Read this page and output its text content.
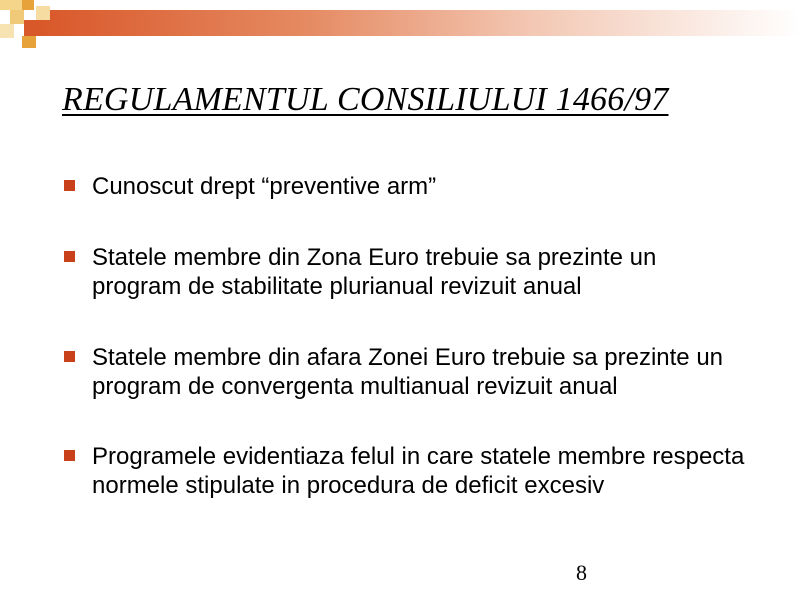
REGULAMENTUL CONSILIULUI 1466/97
Cunoscut drept “preventive arm”
Statele membre din Zona Euro trebuie sa prezinte un program de stabilitate plurianual revizuit anual
Statele membre din afara Zonei Euro trebuie sa prezinte un program de convergenta multianual revizuit anual
Programele evidentiaza felul in care statele membre respecta normele stipulate in procedura de deficit excesiv
8
